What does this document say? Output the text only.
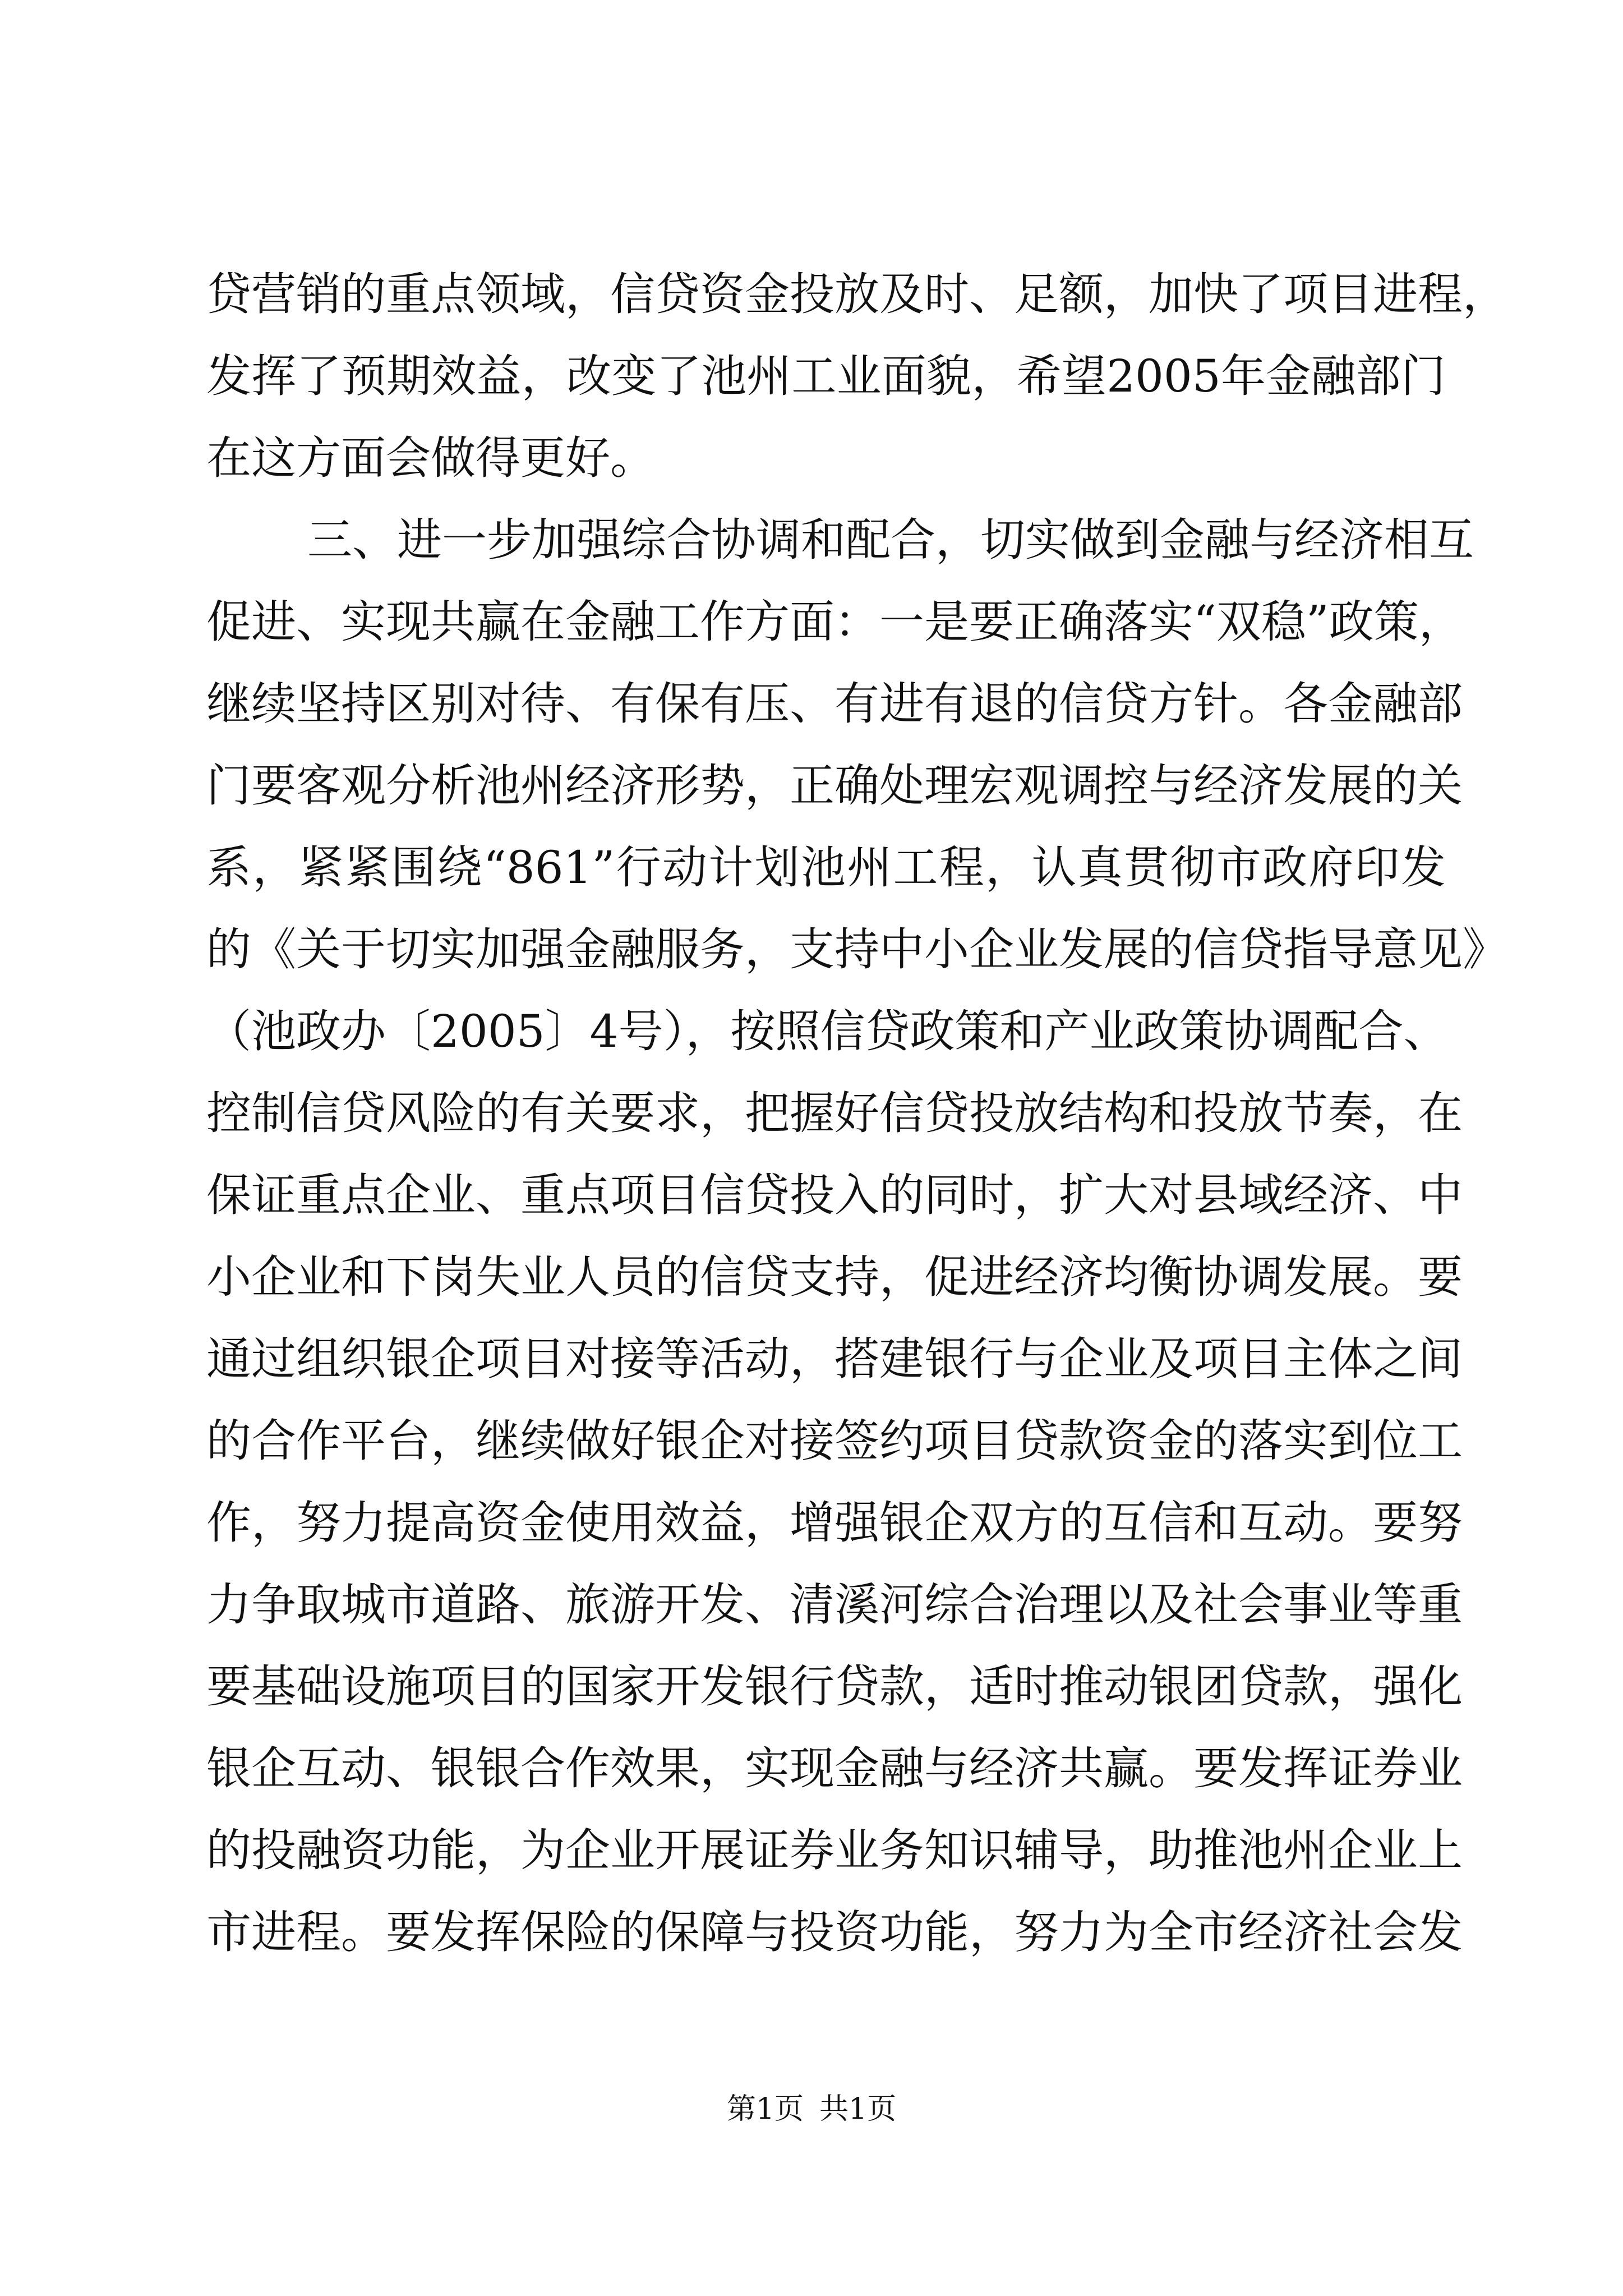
贷营销的重点领域，信贷资金投放及时、足额，加快了项目进程，
发挥了预期效益，改变了池州工业面貌，希望2005年金融部门
在这方面会做得更好。
三、进一步加强综合协调和配合，切实做到金融与经济相互
促进、实现共赢在金融工作方面：一是要正确落实“双稳”政策，
继续坚持区别对待、有保有压、有进有退的信贷方针。各金融部
门要客观分析池州经济形势，正确处理宏观调控与经济发展的关
系，紧紧围绕“861”行动计划池州工程，认真贯彻市政府印发
的《关于切实加强金融服务，支持中小企业发展的信贷指导意见》
（池政办〔2005〕4号），按照信贷政策和产业政策协调配合、
控制信贷风险的有关要求，把握好信贷投放结构和投放节奏，在
保证重点企业、重点项目信贷投入的同时，扩大对县域经济、中
小企业和下岗失业人员的信贷支持，促进经济均衡协调发展。要
通过组织银企项目对接等活动，搭建银行与企业及项目主体之间
的合作平台，继续做好银企对接签约项目贷款资金的落实到位工
作，努力提高资金使用效益，增强银企双方的互信和互动。要努
力争取城市道路、旅游开发、清溪河综合治理以及社会事业等重
要基础设施项目的国家开发银行贷款，适时推动银团贷款，强化
银企互动、银银合作效果，实现金融与经济共赢。要发挥证券业
的投融资功能，为企业开展证券业务知识辅导，助推池州企业上
市进程。要发挥保险的保障与投资功能，努力为全市经济社会发
第1页 共1页
